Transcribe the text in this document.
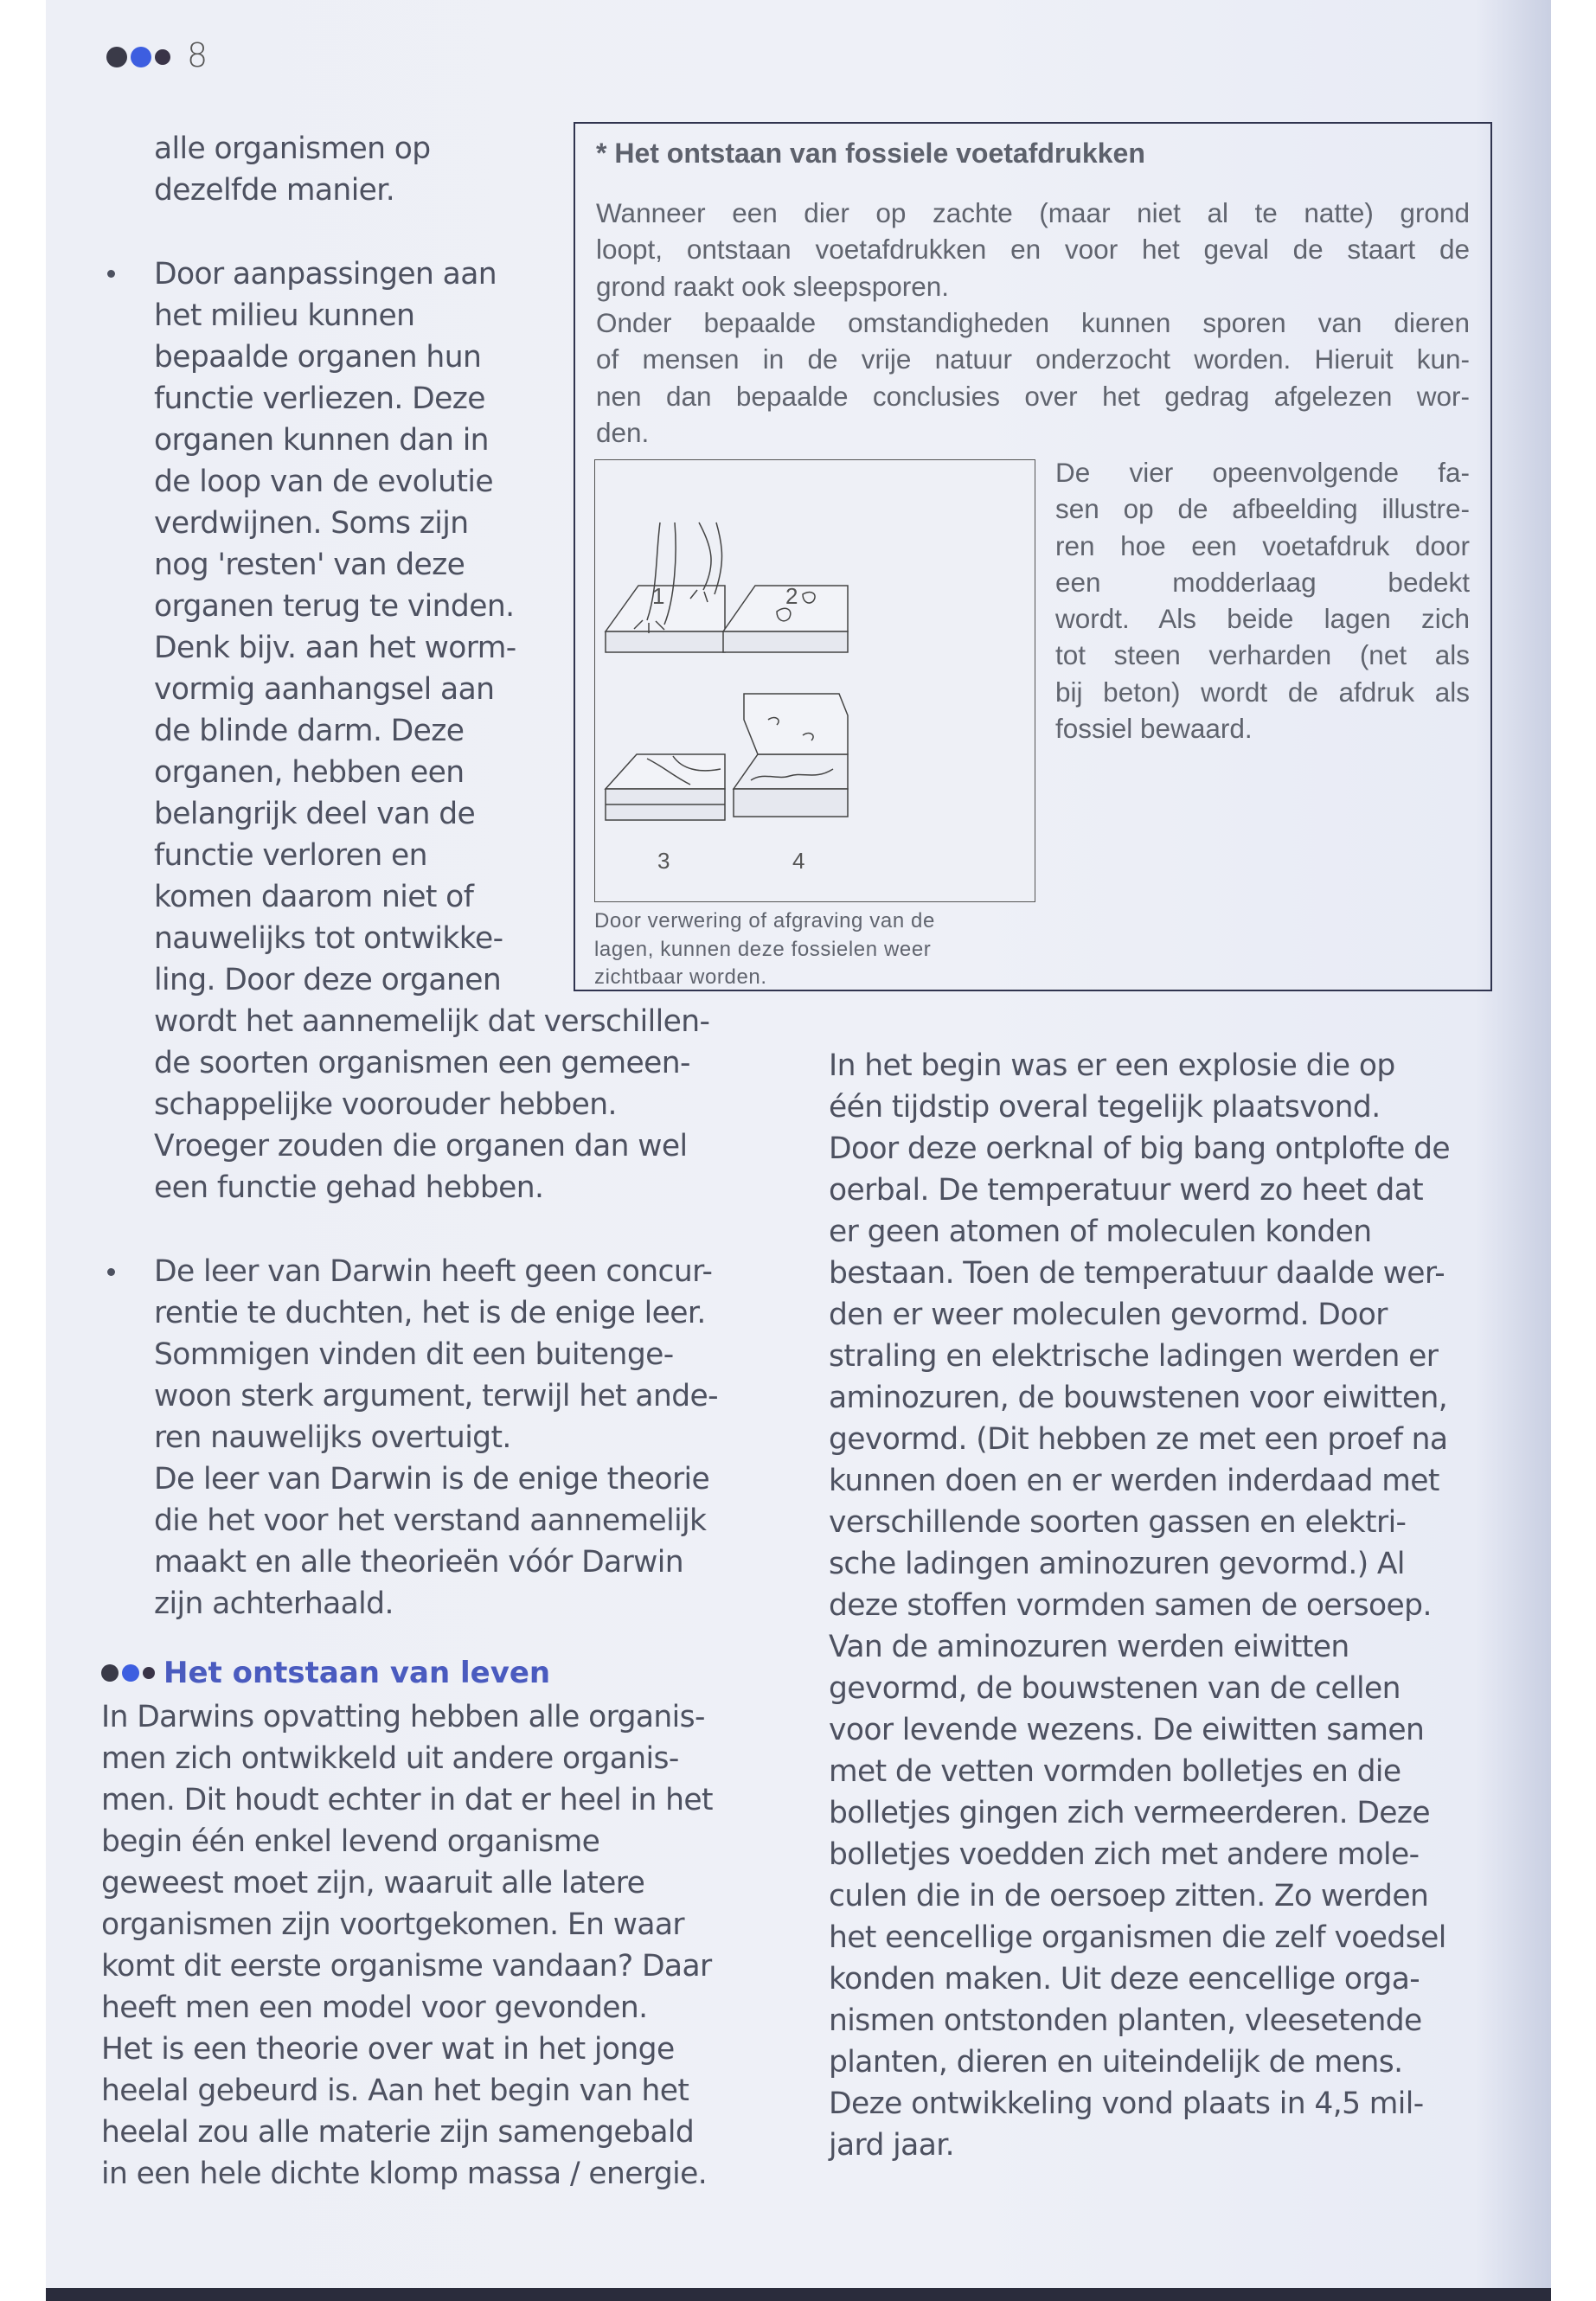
8
alle organismen op
dezelfde manier.
Door aanpassingen aan
het milieu kunnen
bepaalde organen hun
functie verliezen. Deze
organen kunnen dan in
de loop van de evolutie
verdwijnen. Soms zijn
nog 'resten' van deze
organen terug te vinden.
Denk bijv. aan het worm-
vormig aanhangsel aan
de blinde darm. Deze
organen, hebben een
belangrijk deel van de
functie verloren en
komen daarom niet of
nauwelijks tot ontwikke-
ling. Door deze organen
wordt het aannemelijk dat verschillen-
de soorten organismen een gemeen-
schappelijke voorouder hebben.
Vroeger zouden die organen dan wel
een functie gehad hebben.
De leer van Darwin heeft geen concur-
rentie te duchten, het is de enige leer.
Sommigen vinden dit een buitenge-
woon sterk argument, terwijl het ande-
ren nauwelijks overtuigt.
De leer van Darwin is de enige theorie
die het voor het verstand aannemelijk
maakt en alle theorieën vóór Darwin
zijn achterhaald.
Het ontstaan van leven
In Darwins opvatting hebben alle organis-
men zich ontwikkeld uit andere organis-
men. Dit houdt echter in dat er heel in het
begin één enkel levend organisme
geweest moet zijn, waaruit alle latere
organismen zijn voortgekomen. En waar
komt dit eerste organisme vandaan? Daar
heeft men een model voor gevonden.
Het is een theorie over wat in het jonge
heelal gebeurd is. Aan het begin van het
heelal zou alle materie zijn samengebald
in een hele dichte klomp massa / energie.
In het begin was er een explosie die op
één tijdstip overal tegelijk plaatsvond.
Door deze oerknal of big bang ontplofte de
oerbal. De temperatuur werd zo heet dat
er geen atomen of moleculen konden
bestaan. Toen de temperatuur daalde wer-
den er weer moleculen gevormd. Door
straling en elektrische ladingen werden er
aminozuren, de bouwstenen voor eiwitten,
gevormd. (Dit hebben ze met een proef na
kunnen doen en er werden inderdaad met
verschillende soorten gassen en elektri-
sche ladingen aminozuren gevormd.) Al
deze stoffen vormden samen de oersoep.
Van de aminozuren werden eiwitten
gevormd, de bouwstenen van de cellen
voor levende wezens. De eiwitten samen
met de vetten vormden bolletjes en die
bolletjes gingen zich vermeerderen. Deze
bolletjes voedden zich met andere mole-
culen die in de oersoep zitten. Zo werden
het eencellige organismen die zelf voedsel
konden maken. Uit deze eencellige orga-
nismen ontstonden planten, vleesetende
planten, dieren en uiteindelijk de mens.
Deze ontwikkeling vond plaats in 4,5 mil-
jard jaar.
* Het ontstaan van fossiele voetafdrukken
Wanneer een dier op zachte (maar niet al te natte) grond
loopt, ontstaan voetafdrukken en voor het geval de staart de
grond raakt ook sleepsporen.
Onder bepaalde omstandigheden kunnen sporen van dieren
of mensen in de vrije natuur onderzocht worden. Hieruit kun-
nen dan bepaalde conclusies over het gedrag afgelezen wor-
den.
De vier opeenvolgende fa-
sen op de afbeelding illustre-
ren hoe een voetafdruk door
een modderlaag bedekt
wordt. Als beide lagen zich
tot steen verharden (net als
bij beton) wordt de afdruk als
fossiel bewaard.
1	2
3	4
Door verwering of afgraving van de
lagen, kunnen deze fossielen weer
zichtbaar worden.
